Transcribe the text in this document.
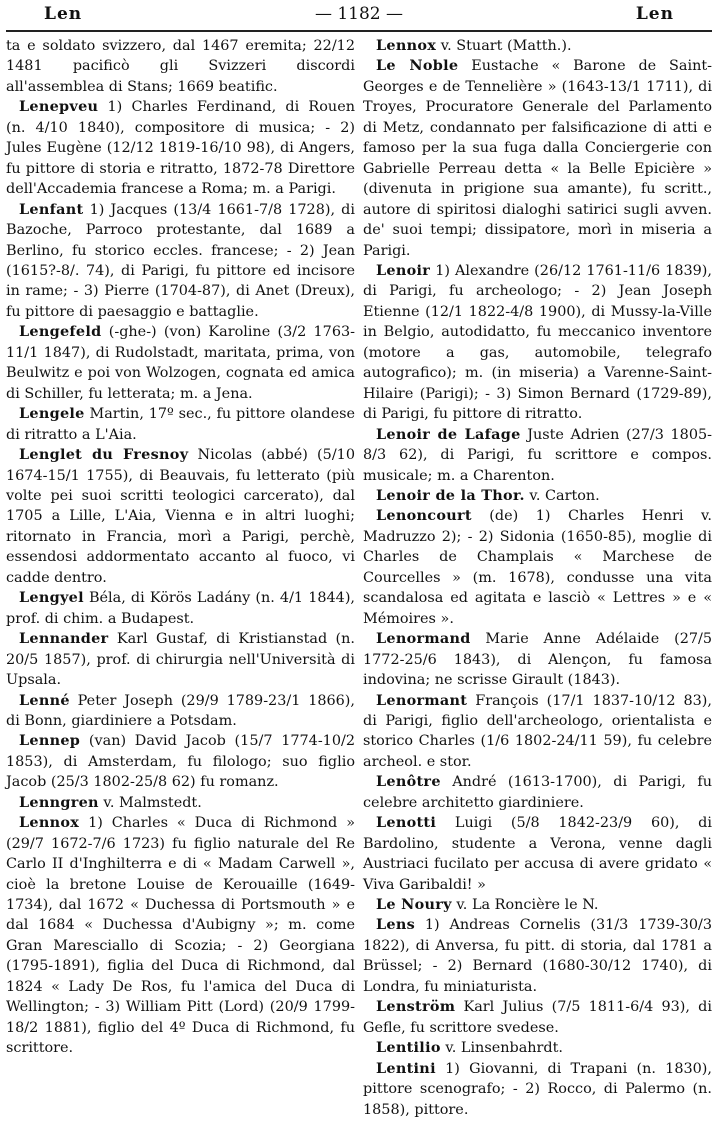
Len	— 1182 —	Len

ta e soldato svizzero, dal 1467 eremita; 22/12 1481 pacificò gli Svizzeri discordi all'assemblea di Stans; 1669 beatific.

Lenepveu 1) Charles Ferdinand, di Rouen (n. 4/10 1840), compositore di musica; - 2) Jules Eugène (12/12 1819-16/10 98), di Angers, fu pittore di storia e ritratto, 1872-78 Direttore dell'Accademia francese a Roma; m. a Parigi.

Lenfant 1) Jacques (13/4 1661-7/8 1728), di Bazoche, Parroco protestante, dal 1689 a Berlino, fu storico eccles. francese; - 2) Jean (1615?-8/. 74), di Parigi, fu pittore ed incisore in rame; - 3) Pierre (1704-87), di Anet (Dreux), fu pittore di paesaggio e battaglie.

Lengefeld (-ghe-) (von) Karoline (3/2 1763-11/1 1847), di Rudolstadt, maritata, prima, von Beulwitz e poi von Wolzogen, cognata ed amica di Schiller, fu letterata; m. a Jena.

Lengele Martin, 17º sec., fu pittore olandese di ritratto a L'Aia.

Lenglet du Fresnoy Nicolas (abbé) (5/10 1674-15/1 1755), di Beauvais, fu letterato (più volte pei suoi scritti teologici carcerato), dal 1705 a Lille, L'Aia, Vienna e in altri luoghi; ritornato in Francia, morì a Parigi, perchè, essendosi addormentato accanto al fuoco, vi cadde dentro.

Lengyel Béla, di Körös Ladány (n. 4/1 1844), prof. di chim. a Budapest.

Lennander Karl Gustaf, di Kristianstad (n. 20/5 1857), prof. di chirurgia nell'Università di Upsala.

Lenné Peter Joseph (29/9 1789-23/1 1866), di Bonn, giardiniere a Potsdam.

Lennep (van) David Jacob (15/7 1774-10/2 1853), di Amsterdam, fu filologo; suo figlio Jacob (25/3 1802-25/8 62) fu romanz.

Lenngren v. Malmstedt.

Lennox 1) Charles « Duca di Richmond » (29/7 1672-7/6 1723) fu figlio naturale del Re Carlo II d'Inghilterra e di « Madam Carwell », cioè la bretone Louise de Kerouaille (1649-1734), dal 1672 « Duchessa di Portsmouth » e dal 1684 « Duchessa d'Aubigny »; m. come Gran Maresciallo di Scozia; - 2) Georgiana (1795-1891), figlia del Duca di Richmond, dal 1824 « Lady De Ros, fu l'amica del Duca di Wellington; - 3) William Pitt (Lord) (20/9 1799-18/2 1881), figlio del 4º Duca di Richmond, fu scrittore.

Lennox v. Stuart (Matth.).

Le Noble Eustache « Barone de Saint-Georges e de Tennelière » (1643-13/1 1711), di Troyes, Procuratore Generale del Parlamento di Metz, condannato per falsificazione di atti e famoso per la sua fuga dalla Conciergerie con Gabrielle Perreau detta « la Belle Epicière » (divenuta in prigione sua amante), fu scritt., autore di spiritosi dialoghi satirici sugli avven. de' suoi tempi; dissipatore, morì in miseria a Parigi.

Lenoir 1) Alexandre (26/12 1761-11/6 1839), di Parigi, fu archeologo; - 2) Jean Joseph Etienne (12/1 1822-4/8 1900), di Mussy-la-Ville in Belgio, autodidatto, fu meccanico inventore (motore a gas, automobile, telegrafo autografico); m. (in miseria) a Varenne-Saint-Hilaire (Parigi); - 3) Simon Bernard (1729-89), di Parigi, fu pittore di ritratto.

Lenoir de Lafage Juste Adrien (27/3 1805-8/3 62), di Parigi, fu scrittore e compos. musicale; m. a Charenton.

Lenoir de la Thor. v. Carton.

Lenoncourt (de) 1) Charles Henri v. Madruzzo 2); - 2) Sidonia (1650-85), moglie di Charles de Champlais « Marchese de Courcelles » (m. 1678), condusse una vita scandalosa ed agitata e lasciò « Lettres » e « Mémoires ».

Lenormand Marie Anne Adélaide (27/5 1772-25/6 1843), di Alençon, fu famosa indovina; ne scrisse Girault (1843).

Lenormant François (17/1 1837-10/12 83), di Parigi, figlio dell'archeologo, orientalista e storico Charles (1/6 1802-24/11 59), fu celebre archeol. e stor.

Lenôtre André (1613-1700), di Parigi, fu celebre architetto giardiniere.

Lenotti Luigi (5/8 1842-23/9 60), di Bardolino, studente a Verona, venne dagli Austriaci fucilato per accusa di avere gridato « Viva Garibaldi! »

Le Noury v. La Roncière le N.

Lens 1) Andreas Cornelis (31/3 1739-30/3 1822), di Anversa, fu pitt. di storia, dal 1781 a Brüssel; - 2) Bernard (1680-30/12 1740), di Londra, fu miniaturista.

Lenström Karl Julius (7/5 1811-6/4 93), di Gefle, fu scrittore svedese.

Lentilio v. Linsenbahrdt.

Lentini 1) Giovanni, di Trapani (n. 1830), pittore scenografo; - 2) Rocco, di Palermo (n. 1858), pittore.
